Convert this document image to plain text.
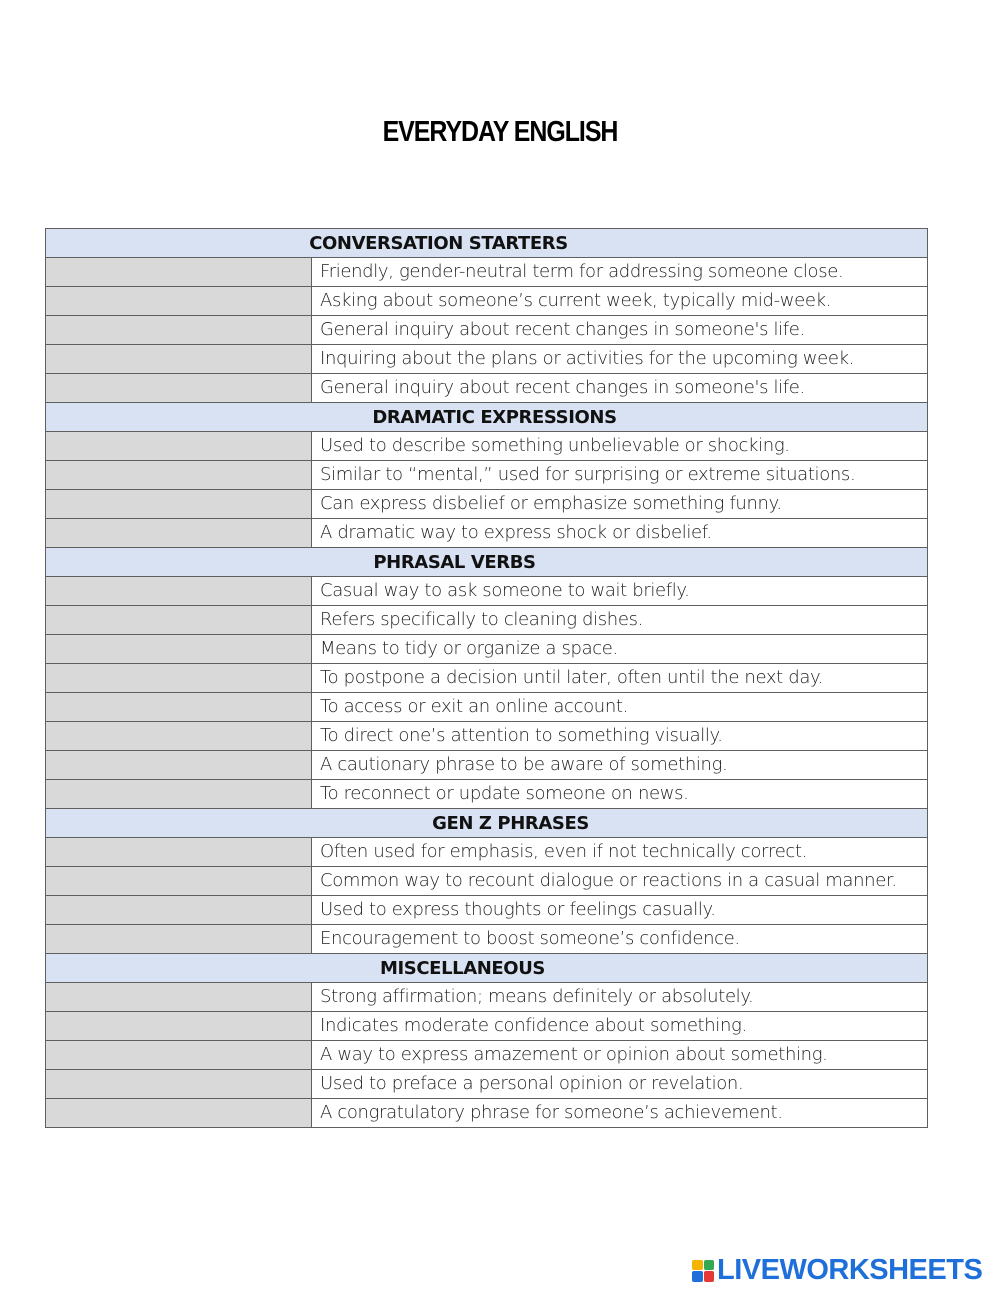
EVERYDAY ENGLISH
CONVERSATION STARTERS	
	Friendly, gender-neutral term for addressing someone close.
	Asking about someone’s current week, typically mid-week.
	General inquiry about recent changes in someone's life.
	Inquiring about the plans or activities for the upcoming week.
	General inquiry about recent changes in someone's life.
DRAMATIC EXPRESSIONS	
	Used to describe something unbelievable or shocking.
	Similar to “mental,” used for surprising or extreme situations.
	Can express disbelief or emphasize something funny.
	A dramatic way to express shock or disbelief.
PHRASAL VERBS	
	Casual way to ask someone to wait briefly.
	Refers specifically to cleaning dishes.
	Means to tidy or organize a space.
	To postpone a decision until later, often until the next day.
	To access or exit an online account.
	To direct one’s attention to something visually.
	A cautionary phrase to be aware of something.
	To reconnect or update someone on news.
GEN Z PHRASES	
	Often used for emphasis, even if not technically correct.
	Common way to recount dialogue or reactions in a casual manner.
	Used to express thoughts or feelings casually.
	Encouragement to boost someone’s confidence.
MISCELLANEOUS	
	Strong affirmation; means definitely or absolutely.
	Indicates moderate confidence about something.
	A way to express amazement or opinion about something.
	Used to preface a personal opinion or revelation.
	A congratulatory phrase for someone’s achievement.
LIVEWORKSHEETS
